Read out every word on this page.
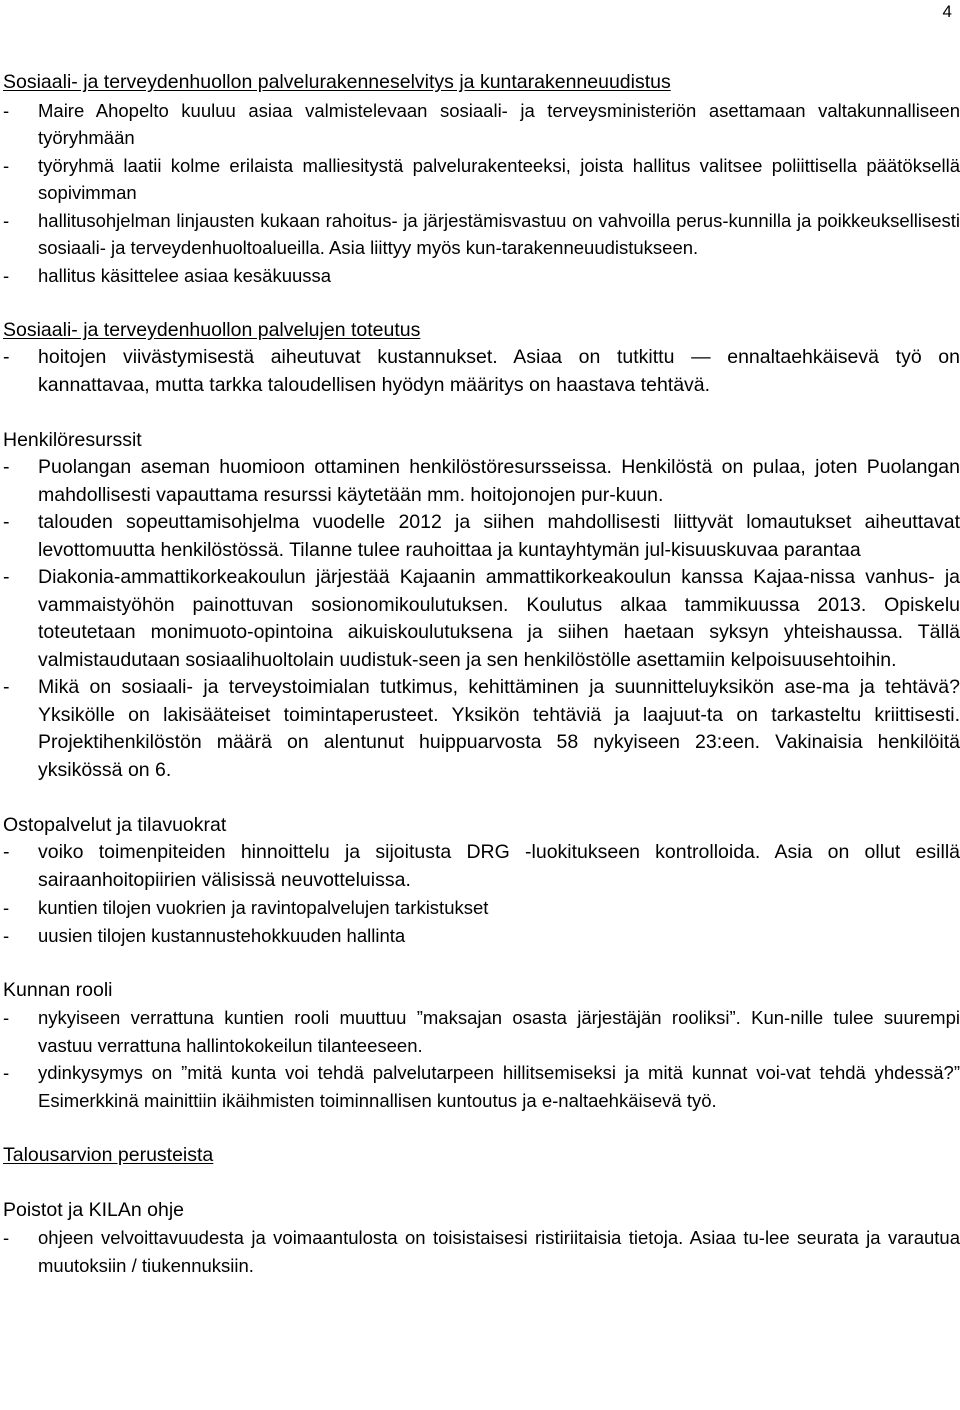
4
Sosiaali- ja terveydenhuollon palvelurakenneselvitys ja kuntarakenneuudistus
-	Maire Ahopelto kuuluu asiaa valmistelevaan sosiaali- ja terveysministeriön asettamaan valtakunnalliseen työryhmään
-	työryhmä laatii kolme erilaista malliesitystä palvelurakenteeksi, joista hallitus valitsee poliittisella päätöksellä sopivimman
-	hallitusohjelman linjausten kukaan rahoitus- ja järjestämisvastuu on vahvoilla perus-kunnilla ja poikkeuksellisesti sosiaali- ja terveydenhuoltoalueilla. Asia liittyy myös kun-tarakenneuudistukseen.
-	hallitus käsittelee asiaa kesäkuussa
Sosiaali- ja terveydenhuollon palvelujen toteutus
-	hoitojen viivästymisestä aiheutuvat kustannukset. Asiaa on tutkittu — ennaltaehkäisevä työ on kannattavaa, mutta tarkka taloudellisen hyödyn määritys on haastava tehtävä.
Henkilöresurssit
-	Puolangan aseman huomioon ottaminen henkilöstöresursseissa. Henkilöstä on pulaa, joten Puolangan mahdollisesti vapauttama resurssi käytetään mm. hoitojonojen pur-kuun.
-	talouden sopeuttamisohjelma vuodelle 2012 ja siihen mahdollisesti liittyvät lomautukset aiheuttavat levottomuutta henkilöstössä. Tilanne tulee rauhoittaa ja kuntayhtymän jul-kisuuskuvaa parantaa
-	Diakonia-ammattikorkeakoulun järjestää Kajaanin ammattikorkeakoulun kanssa Kajaa-nissa vanhus- ja vammaistyöhön painottuvan sosionomikoulutuksen. Koulutus alkaa tammikuussa 2013. Opiskelu toteutetaan monimuoto-opintoina aikuiskoulutuksena ja siihen haetaan syksyn yhteishaussa. Tällä valmistaudutaan sosiaalihuoltolain uudistuk-seen ja sen henkilöstölle asettamiin kelpoisuusehtoihin.
-	Mikä on sosiaali- ja terveystoimialan tutkimus, kehittäminen ja suunnitteluyksikön ase-ma ja tehtävä? Yksikölle on lakisääteiset toimintaperusteet. Yksikön tehtäviä ja laajuut-ta on tarkasteltu kriittisesti. Projektihenkilöstön määrä on alentunut huippuarvosta 58 nykyiseen 23:een. Vakinaisia henkilöitä yksikössä on 6.
Ostopalvelut ja tilavuokrat
-	voiko toimenpiteiden hinnoittelu ja sijoitusta DRG -luokitukseen kontrolloida. Asia on ollut esillä sairaanhoitopiirien välisissä neuvotteluissa.
-	kuntien tilojen vuokrien ja ravintopalvelujen tarkistukset
-	uusien tilojen kustannustehokkuuden hallinta
Kunnan rooli
-	nykyiseen verrattuna kuntien rooli muuttuu ”maksajan osasta järjestäjän rooliksi”. Kun-nille tulee suurempi vastuu verrattuna hallintokokeilun tilanteeseen.
-	ydinkysymys on ”mitä kunta voi tehdä palvelutarpeen hillitsemiseksi ja mitä kunnat voi-vat tehdä yhdessä?” Esimerkkinä mainittiin ikäihmisten toiminnallisen kuntoutus ja e-naltaehkäisevä työ.
Talousarvion perusteista
Poistot ja KILAn ohje
-	ohjeen velvoittavuudesta ja voimaantulosta on toisistaisesi ristiriitaisia tietoja. Asiaa tu-lee seurata ja varautua muutoksiin / tiukennuksiin.
